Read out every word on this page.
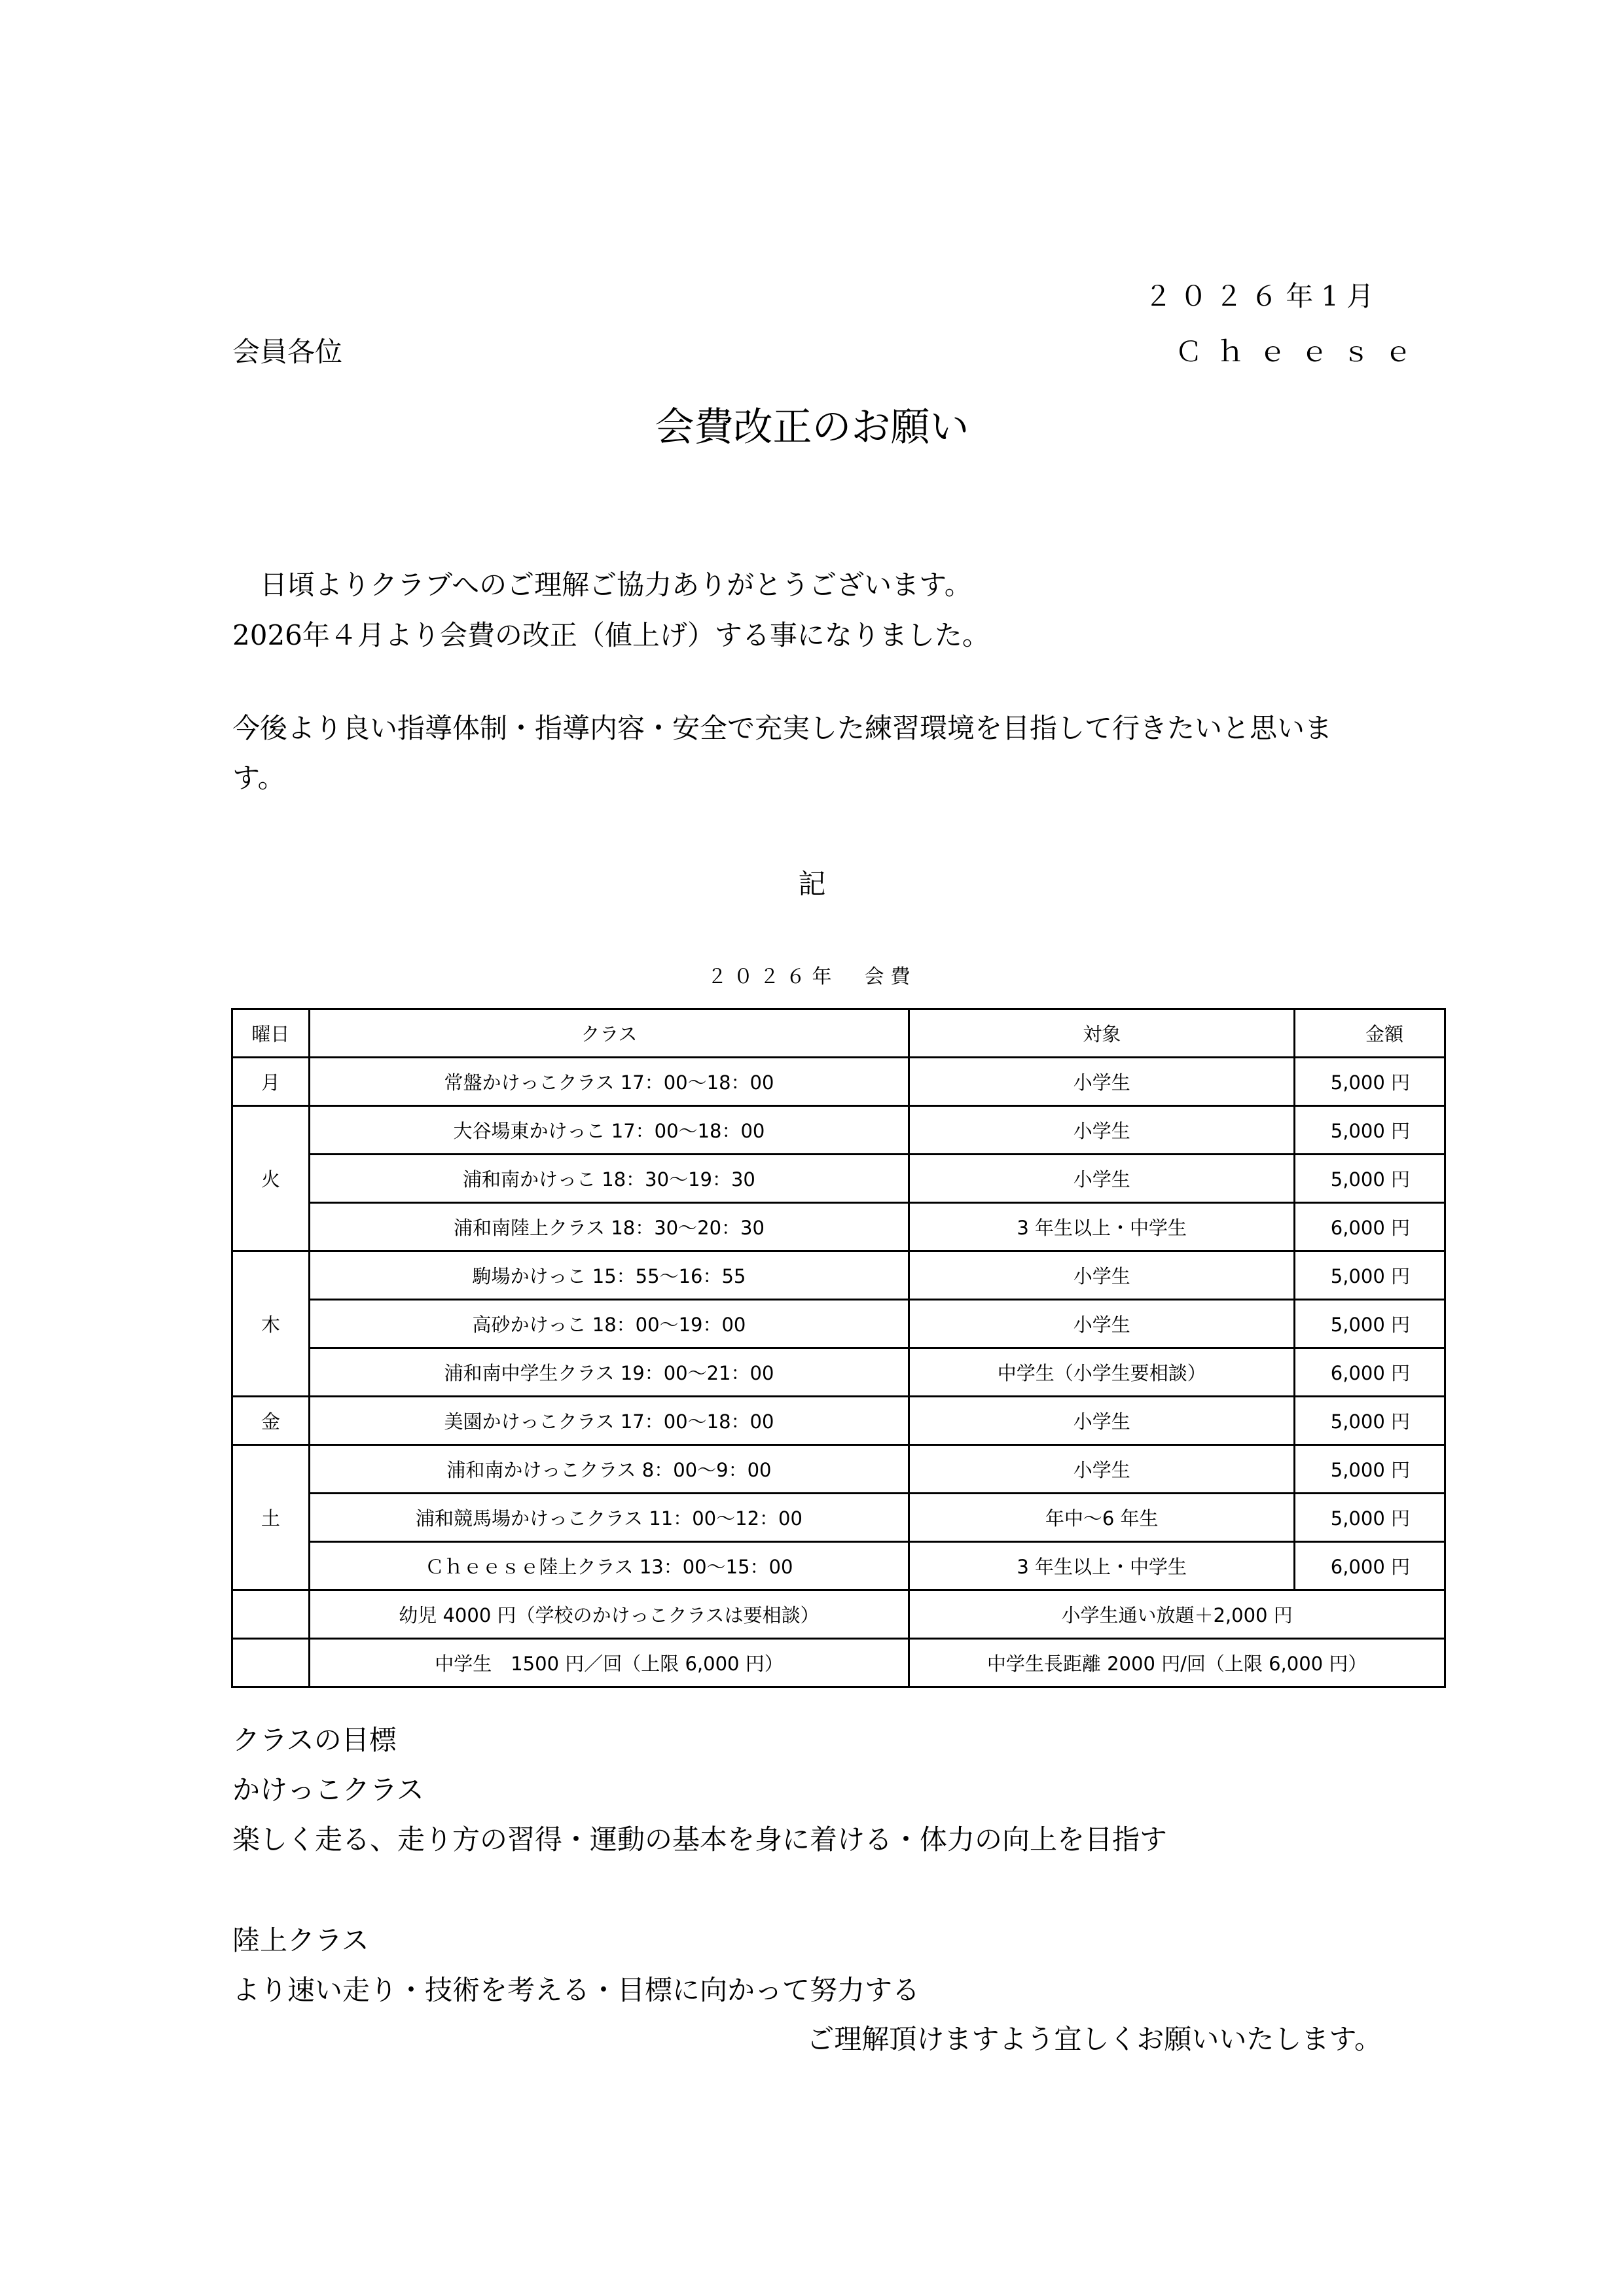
２０２６年1月
会員各位	Ｃｈｅｅｓｅ
会費改正のお願い
　日頃よりクラブへのご理解ご協力ありがとうございます。
2026年４月より会費の改正（値上げ）する事になりました。
今後より良い指導体制・指導内容・安全で充実した練習環境を目指して行きたいと思いま
す。
記
２０２６年　会費
曜日	クラス	対象	金額
月	常盤かけっこクラス 17：00〜18：00	小学生	5,000 円
火	大谷場東かけっこ 17：00〜18：00	小学生	5,000 円
	浦和南かけっこ 18：30〜19：30	小学生	5,000 円
	浦和南陸上クラス 18：30〜20：30	3 年生以上・中学生	6,000 円
木	駒場かけっこ 15：55〜16：55	小学生	5,000 円
	高砂かけっこ 18：00〜19：00	小学生	5,000 円
	浦和南中学生クラス 19：00〜21：00	中学生（小学生要相談）	6,000 円
金	美園かけっこクラス 17：00〜18：00	小学生	5,000 円
土	浦和南かけっこクラス 8：00〜9：00	小学生	5,000 円
	浦和競馬場かけっこクラス 11：00〜12：00	年中〜6 年生	5,000 円
	Ｃｈｅｅｓｅ陸上クラス 13：00〜15：00	3 年生以上・中学生	6,000 円
	幼児 4000 円（学校のかけっこクラスは要相談）	小学生通い放題＋2,000 円	
	中学生　1500 円／回（上限 6,000 円）	中学生長距離 2000 円/回（上限 6,000 円）	
クラスの目標
かけっこクラス
楽しく走る、走り方の習得・運動の基本を身に着ける・体力の向上を目指す
陸上クラス
より速い走り・技術を考える・目標に向かって努力する
ご理解頂けますよう宜しくお願いいたします。
